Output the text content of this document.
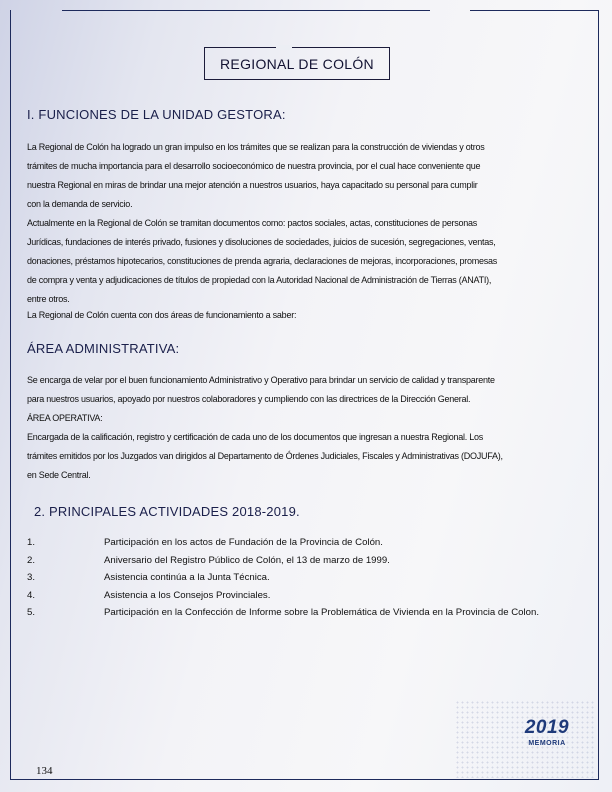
REGIONAL DE COLÓN
I. FUNCIONES DE LA UNIDAD GESTORA:
La Regional de Colón ha logrado un gran impulso en los trámites que se realizan para la construcción de viviendas y otros
trámites de mucha importancia para el desarrollo socioeconómico de nuestra provincia, por el cual hace conveniente que
nuestra Regional en miras de brindar una mejor atención a nuestros usuarios, haya capacitado su personal para cumplir
con la demanda de servicio.
Actualmente en la Regional de Colón se tramitan documentos como: pactos sociales, actas, constituciones de personas
Jurídicas, fundaciones de interés privado, fusiones y disoluciones de sociedades, juicios de sucesión, segregaciones, ventas,
donaciones, préstamos hipotecarios, constituciones de prenda agraria, declaraciones de mejoras, incorporaciones, promesas
de compra y venta y adjudicaciones de títulos de propiedad con la Autoridad Nacional de Administración de Tierras (ANATI),
entre otros.
La Regional de Colón cuenta con dos áreas de funcionamiento a saber:
ÁREA ADMINISTRATIVA:
Se encarga de velar por el buen funcionamiento Administrativo y Operativo para brindar un servicio de calidad y transparente
para nuestros usuarios, apoyado por nuestros colaboradores y cumpliendo con las directrices de la Dirección General.
ÁREA OPERATIVA:
Encargada de la calificación, registro y certificación de cada uno de los documentos que ingresan a nuestra Regional. Los
trámites emitidos por los Juzgados van dirigidos al Departamento de Órdenes Judiciales, Fiscales y Administrativas (DOJUFA),
en Sede Central.
2. PRINCIPALES ACTIVIDADES 2018-2019.
1.	Participación en los actos de Fundación de la Provincia de Colón.
2.	Aniversario del Registro Público de Colón, el 13 de marzo de 1999.
3.	Asistencia continúa a la Junta Técnica.
4.	Asistencia a los Consejos Provinciales.
5.	Participación en la Confección de Informe sobre la Problemática de Vivienda en la Provincia de Colon.
2019
MEMORIA
134
